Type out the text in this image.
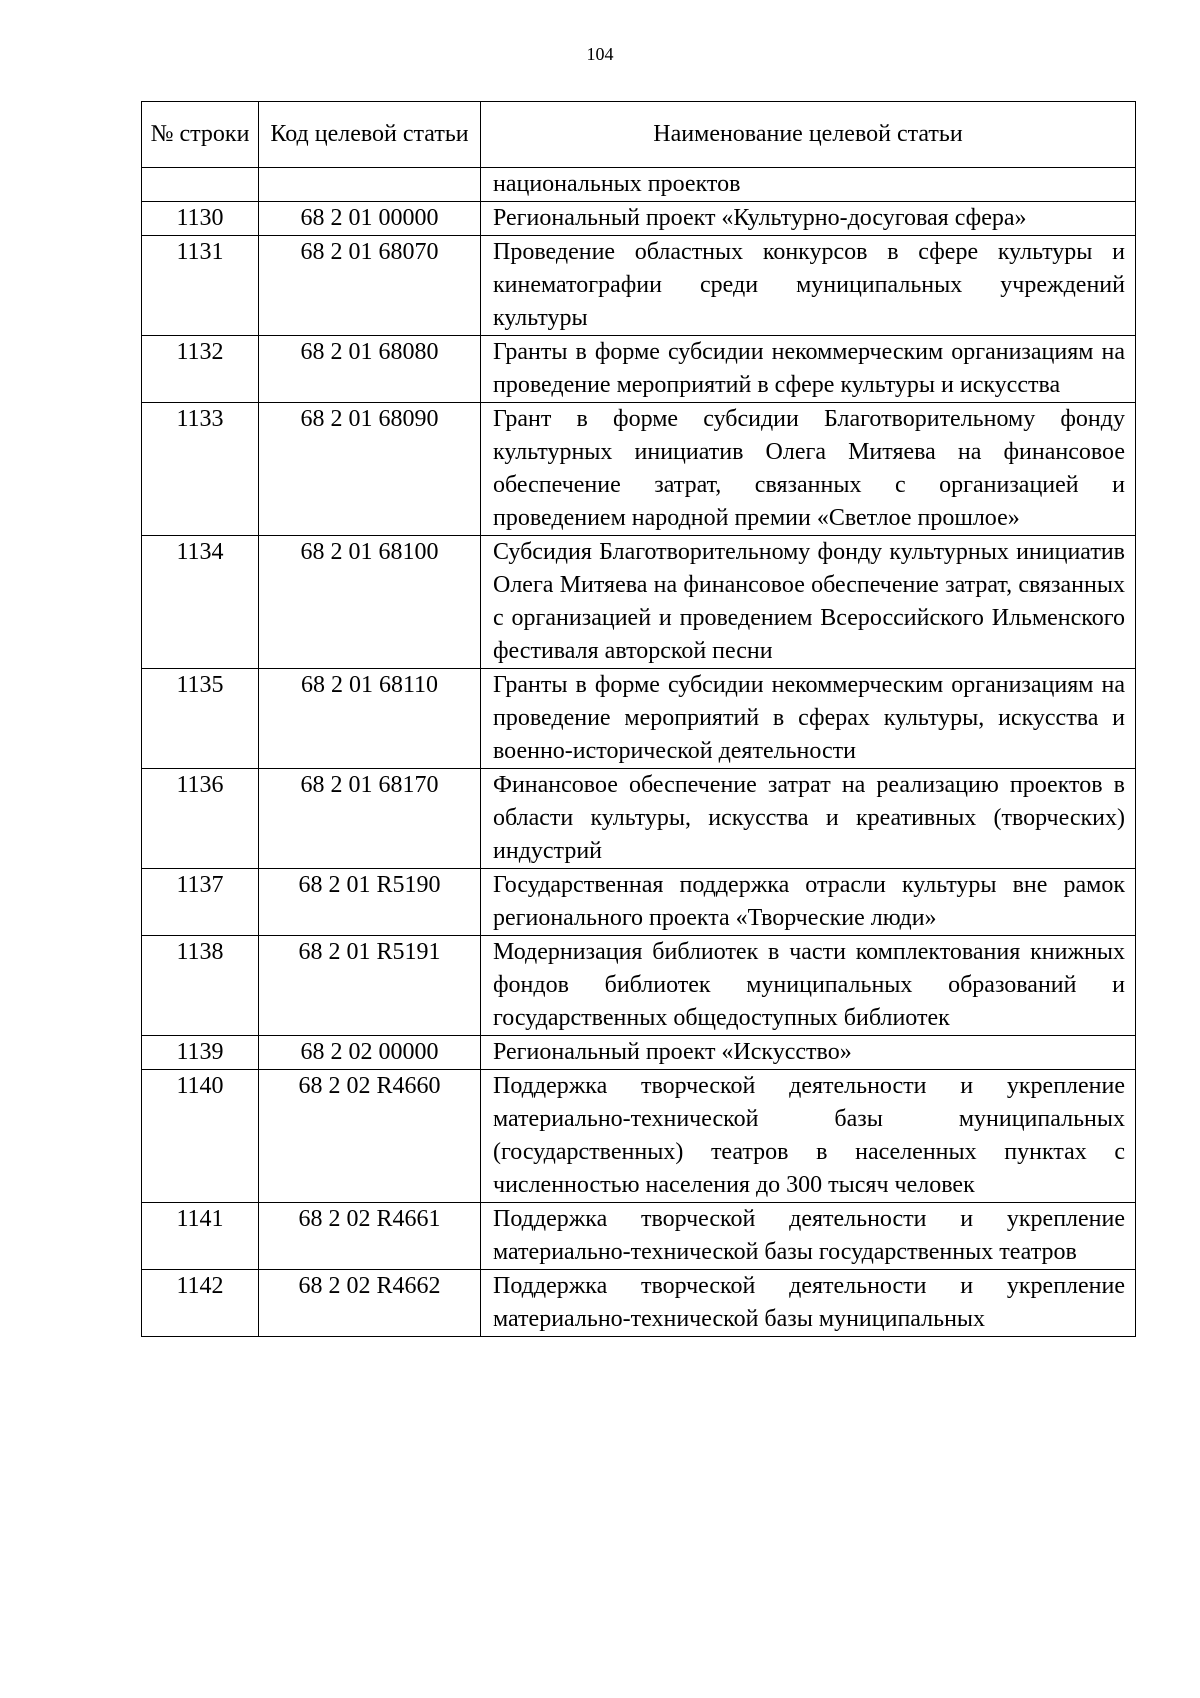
104
№ строки	Код целевой статьи	Наименование целевой статьи
		национальных проектов
1130	68 2 01 00000	Региональный проект «Культурно-досуговая сфера»
1131	68 2 01 68070	Проведение областных конкурсов в сфере культуры и кинематографии среди муниципальных учреждений культуры
1132	68 2 01 68080	Гранты в форме субсидии некоммерческим организациям на проведение мероприятий в сфере культуры и искусства
1133	68 2 01 68090	Грант в форме субсидии Благотворительному фонду культурных инициатив Олега Митяева на финансовое обеспечение затрат, связанных с организацией и проведением народной премии «Светлое прошлое»
1134	68 2 01 68100	Субсидия Благотворительному фонду культурных инициатив Олега Митяева на финансовое обеспечение затрат, связанных с организацией и проведением Всероссийского Ильменского фестиваля авторской песни
1135	68 2 01 68110	Гранты в форме субсидии некоммерческим организациям на проведение мероприятий в сферах культуры, искусства и военно-исторической деятельности
1136	68 2 01 68170	Финансовое обеспечение затрат на реализацию проектов в области культуры, искусства и креативных (творческих) индустрий
1137	68 2 01 R5190	Государственная поддержка отрасли культуры вне рамок регионального проекта «Творческие люди»
1138	68 2 01 R5191	Модернизация библиотек в части комплектования книжных фондов библиотек муниципальных образований и государственных общедоступных библиотек
1139	68 2 02 00000	Региональный проект «Искусство»
1140	68 2 02 R4660	Поддержка творческой деятельности и укрепление материально-технической базы муниципальных (государственных) театров в населенных пунктах с численностью населения до 300 тысяч человек
1141	68 2 02 R4661	Поддержка творческой деятельности и укрепление материально-технической базы государственных театров
1142	68 2 02 R4662	Поддержка творческой деятельности и укрепление материально-технической базы муниципальных
